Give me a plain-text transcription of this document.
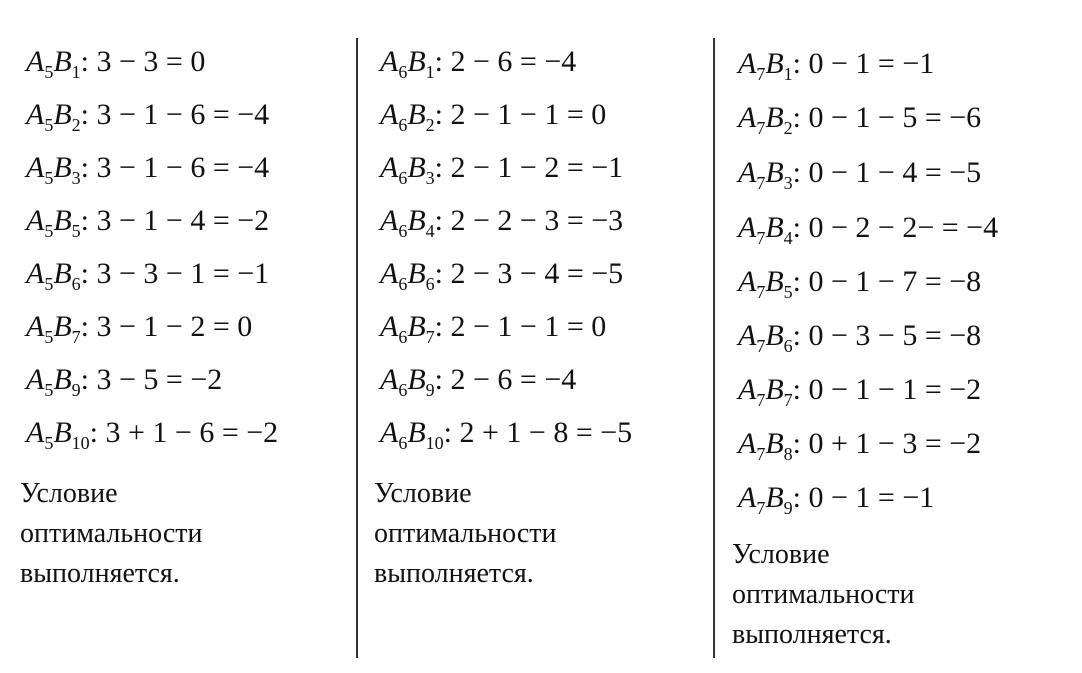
$A_5B_1$: 3 − 3 = 0
$A_5B_2$: 3 − 1 − 6 = −4
$A_5B_3$: 3 − 1 − 6 = −4
$A_5B_5$: 3 − 1 − 4 = −2
$A_5B_6$: 3 − 3 − 1 = −1
$A_5B_7$: 3 − 1 − 2 = 0
$A_5B_9$: 3 − 5 = −2
$A_5B_{10}$: 3 + 1 − 6 = −2
Условие
оптимальности
выполняется.
$A_6B_1$: 2 − 6 = −4
$A_6B_2$: 2 − 1 − 1 = 0
$A_6B_3$: 2 − 1 − 2 = −1
$A_6B_4$: 2 − 2 − 3 = −3
$A_6B_6$: 2 − 3 − 4 = −5
$A_6B_7$: 2 − 1 − 1 = 0
$A_6B_9$: 2 − 6 = −4
$A_6B_{10}$: 2 + 1 − 8 = −5
Условие
оптимальности
выполняется.
$A_7B_1$: 0 − 1 = −1
$A_7B_2$: 0 − 1 − 5 = −6
$A_7B_3$: 0 − 1 − 4 = −5
$A_7B_4$: 0 − 2 − 2− = −4
$A_7B_5$: 0 − 1 − 7 = −8
$A_7B_6$: 0 − 3 − 5 = −8
$A_7B_7$: 0 − 1 − 1 = −2
$A_7B_8$: 0 + 1 − 3 = −2
$A_7B_9$: 0 − 1 = −1
Условие
оптимальности
выполняется.
